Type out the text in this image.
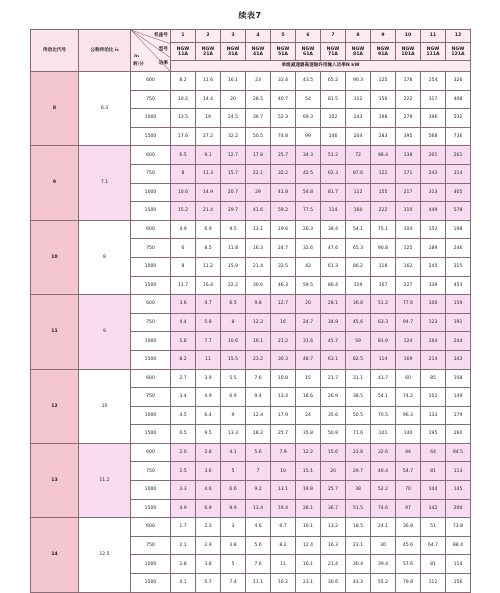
续表7
传动比代号	公称传动比 i₀	机座号
型号
功率
n₁
转/分	1	2	3	4	5	6	7	8	9	10	11	12
			NGW 11A	NGW 21A	NGW 31A	NGW 41A	NGW 51A	NGW 61A	NGW 71A	NGW 81A	NGW 91A	NGW 101A	NGW 111A	NGW 121A
			单级减速器高速轴许用输入功率N kW											
8	6.3	600	8.2	11.6	16.1	23	32.4	43.5	65.2	90.3	125	178	254	326
		750	10.2	14.4	20	28.5	40.7	54	81.5	112	156	222	317	408
		1000	13.5	19	24.5	36.7	52.3	69.3	102	143	198	279	396	532
		1500	17.6	27.2	32.2	50.5	74.8	99	146	204	283	395	568	736
9	7.1	600	6.5	9.1	12.7	17.8	25.7	34.3	51.2	72	98.4	138	201	261
		750	8	11.3	15.7	22.1	32.2	42.5	62.3	87.6	122	171	243	314
		1000	10.6	14.9	20.7	29	41.8	54.8	81.7	112	155	217	313	405
		1500	15.2	21.4	29.7	41.6	59.2	77.5	114	160	222	310	449	578
10	8	600	4.9	6.9	9.5	13.1	19.6	26.3	38.4	54.1	75.1	104	152	198
		750	6	8.5	11.8	16.3	24.7	32.6	47.6	65.3	90.8	125	189	246
		1000	8	11.2	15.9	21.4	32.5	42	61.3	86.2	118	162	245	315
		1500	11.7	16.4	22.2	30.6	46.3	59.5	86.4	119	167	227	339	453
11	9	600	3.6	4.7	6.5	9.8	12.7	20	28.1	36.8	51.2	77.6	100	159
		750	4.4	5.8	8	12.2	16	24.7	34.9	45.6	63.3	94.7	123	191
		1000	5.8	7.7	10.6	16.1	21.2	31.6	45.7	59	81.9	124	164	244
		1500	8.2	11	15.5	23.2	30.3	48.7	63.1	82.5	114	169	214	343
12	10	600	2.7	3.9	5.5	7.6	10.8	15	21.7	31.1	43.7	60	85	108
		750	3.4	4.9	6.9	9.4	13.4	18.6	26.9	38.5	54.1	74.2	102	149
		1000	4.5	6.4	9	12.4	17.9	24	35.6	50.5	70.5	96.3	133	179
		1500	6.5	9.5	13.3	18.2	25.7	35.8	50.9	71.6	101	140	195	260
13	11.2	600	2.0	2.8	4.1	5.6	7.9	12.2	15.6	23.8	32.6	44	64	94.5
		750	2.5	3.6	5	7	10	15.1	20	29.7	40.4	54.7	81	113
		1000	3.3	4.6	6.6	9.2	13.1	19.8	25.7	38	52.2	70	104	145
		1500	4.9	6.9	9.9	13.4	19.4	28.1	36.7	51.5	74.6	97	142	200
14	12.5	600	1.7	2.3	3	4.6	6.7	10.1	13.2	18.5	24.1	36.8	51	73.8
		750	2.1	2.9	3.8	5.6	8.2	12.4	16.3	23.1	30	45.6	64.7	88.4
		1000	2.8	3.8	5	7.6	11	16.1	21.4	30.4	39.4	57.6	81	114
		1500	4.1	5.7	7.4	11.1	16.2	23.1	30.6	43.3	55.2	79.8	112	156
